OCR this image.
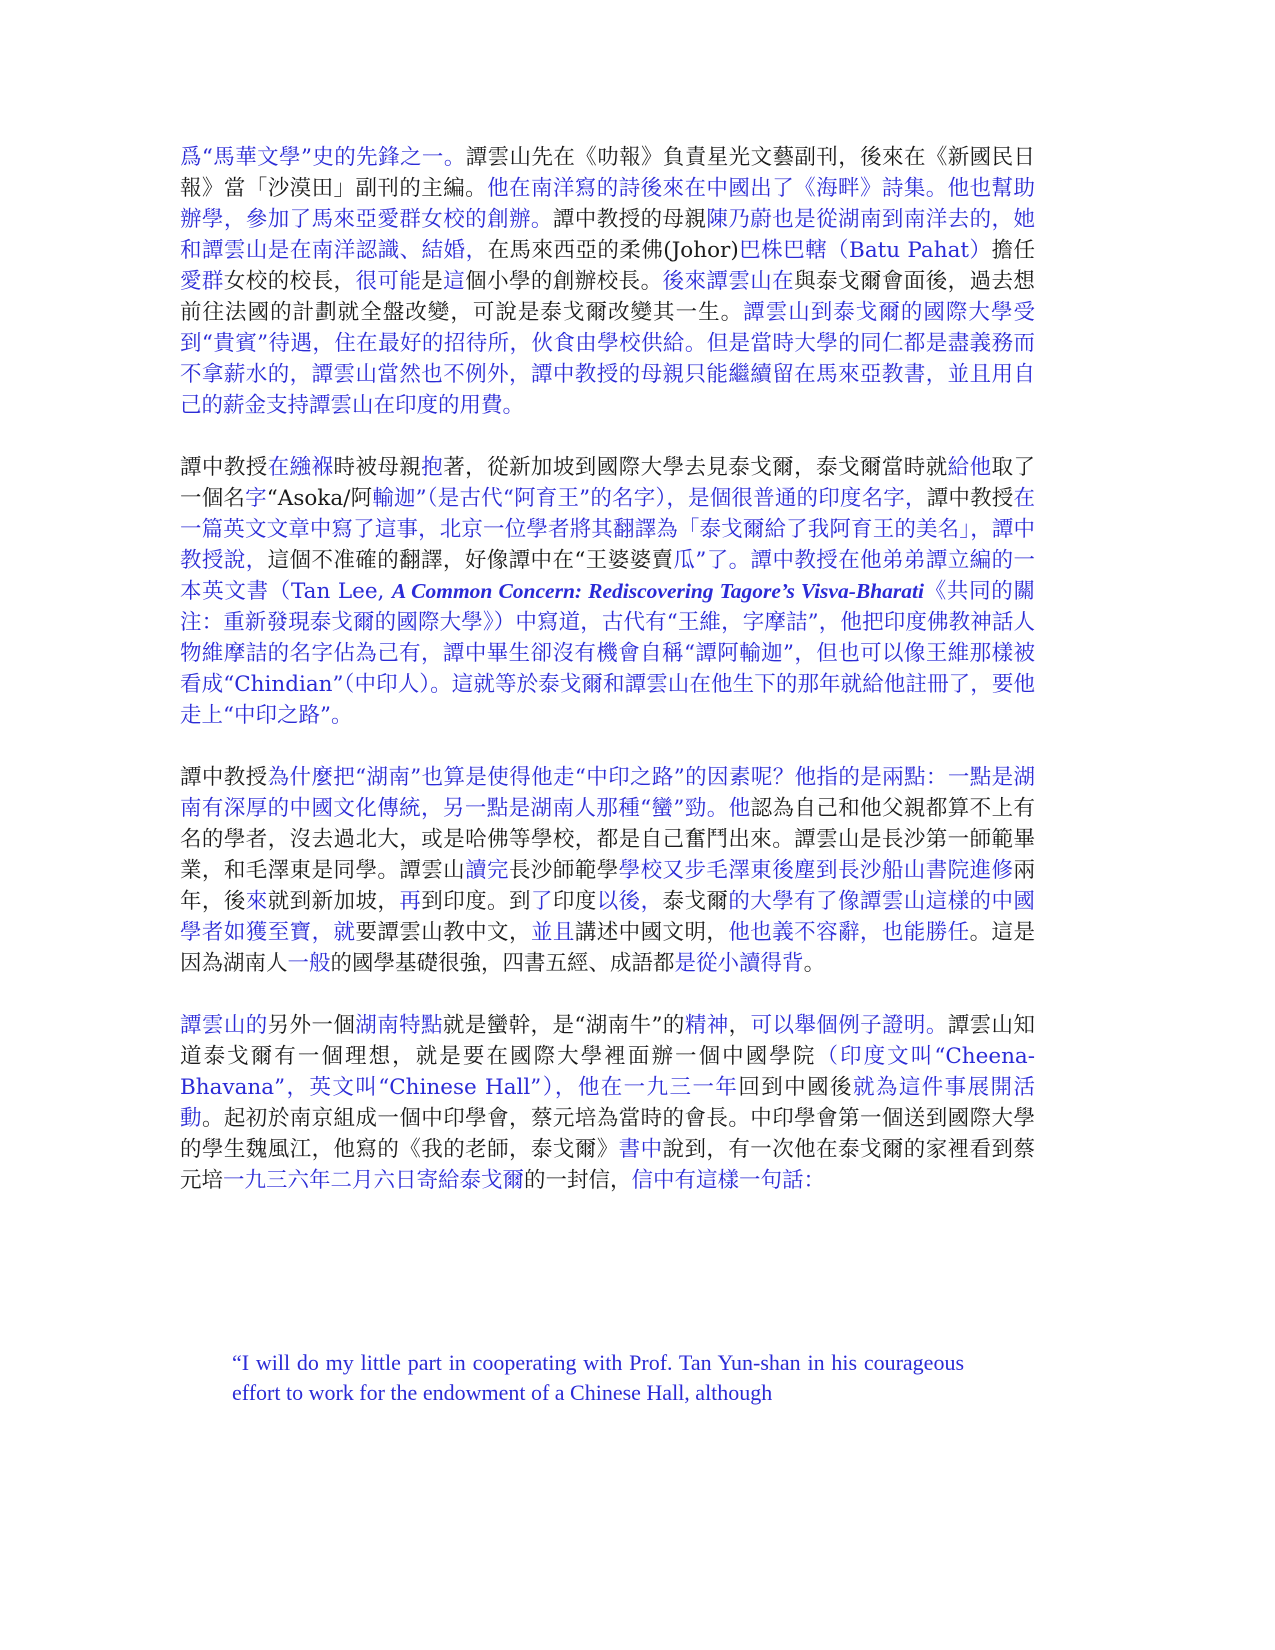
爲“馬華文學”史的先鋒之一。譚雲山先在《叻報》負責星光文藝副刊，後來在《新國民日報》當「沙漠田」副刊的主編。他在南洋寫的詩後來在中國出了《海畔》詩集。他也幫助辦學，參加了馬來亞愛群女校的創辦。譚中教授的母親陳乃蔚也是從湖南到南洋去的，她和譚雲山是在南洋認識、結婚，在馬來西亞的柔佛(Johor)巴株巴轄（Batu Pahat）擔任愛群女校的校長，很可能是這個小學的創辦校長。後來譚雲山在與泰戈爾會面後，過去想前往法國的計劃就全盤改變，可說是泰戈爾改變其一生。譚雲山到泰戈爾的國際大學受到“貴賓”待遇，住在最好的招待所，伙食由學校供給。但是當時大學的同仁都是盡義務而不拿薪水的，譚雲山當然也不例外，譚中教授的母親只能繼續留在馬來亞教書，並且用自己的薪金支持譚雲山在印度的用費。

譚中教授在繈褓時被母親抱著，從新加坡到國際大學去見泰戈爾，泰戈爾當時就給他取了一個名字“Asoka/阿輸迦”（是古代“阿育王”的名字），是個很普通的印度名字，譚中教授在一篇英文文章中寫了這事，北京一位學者將其翻譯為「泰戈爾給了我阿育王的美名」，譚中教授說，這個不准確的翻譯，好像譚中在“王婆婆賣瓜”了。譚中教授在他弟弟譚立編的一本英文書（Tan Lee, A Common Concern: Rediscovering Tagore’s Visva-Bharati《共同的關注：重新發現泰戈爾的國際大學》）中寫道，古代有“王維，字摩詰”，他把印度佛教神話人物維摩詰的名字佔為己有，譚中畢生卻沒有機會自稱“譚阿輸迦”，但也可以像王維那樣被看成“Chindian”（中印人）。這就等於泰戈爾和譚雲山在他生下的那年就給他註冊了，要他走上“中印之路”。

譚中教授為什麼把“湖南”也算是使得他走“中印之路”的因素呢？他指的是兩點：一點是湖南有深厚的中國文化傳統，另一點是湖南人那種“蠻”勁。他認為自己和他父親都算不上有名的學者，沒去過北大，或是哈佛等學校，都是自己奮鬥出來。譚雲山是長沙第一師範畢業，和毛澤東是同學。譚雲山讀完長沙師範學學校又步毛澤東後塵到長沙船山書院進修兩年，後來就到新加坡，再到印度。到了印度以後，泰戈爾的大學有了像譚雲山這樣的中國學者如獲至寶，就要譚雲山教中文，並且講述中國文明，他也義不容辭，也能勝任。這是因為湖南人一般的國學基礎很強，四書五經、成語都是從小讀得背。

譚雲山的另外一個湖南特點就是蠻幹，是“湖南牛”的精神，可以舉個例子證明。譚雲山知道泰戈爾有一個理想，就是要在國際大學裡面辦一個中國學院（印度文叫“Cheena-Bhavana”，英文叫“Chinese Hall”），他在一九三一年回到中國後就為這件事展開活動。起初於南京組成一個中印學會，蔡元培為當時的會長。中印學會第一個送到國際大學的學生魏風江，他寫的《我的老師，泰戈爾》書中說到，有一次他在泰戈爾的家裡看到蔡元培一九三六年二月六日寄給泰戈爾的一封信，信中有這樣一句話：

“I will do my little part in cooperating with Prof. Tan Yun-shan in his courageous effort to work for the endowment of a Chinese Hall, although
